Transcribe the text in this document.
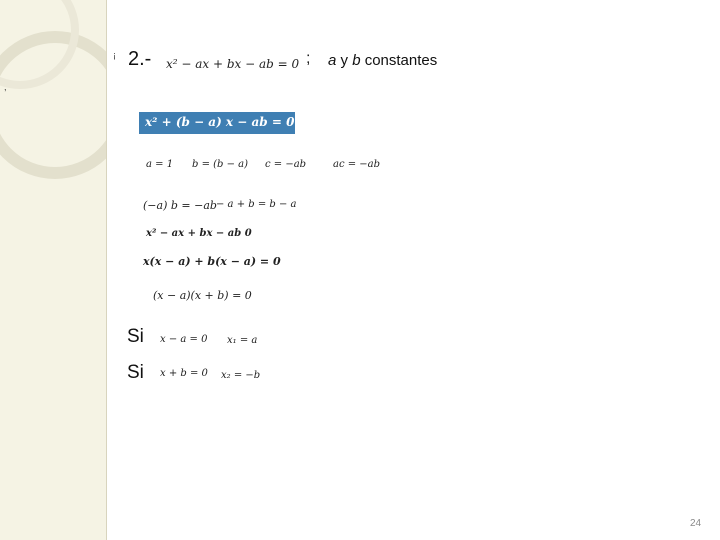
¡
,
2.- x² − ax + bx − ab = 0 ; a y b constantes
x² + (b − a) x − ab = 0
a = 1 b = (b − a) c = −ab	ac = −ab
(−a) b = −ab − a + b = b − a
x² − ax + bx − ab 0
x(x − a) + b(x − a) = 0
(x − a)(x + b) = 0
Si x − a = 0 x₁ = a
Si x + b = 0 x₂ = −b
24
